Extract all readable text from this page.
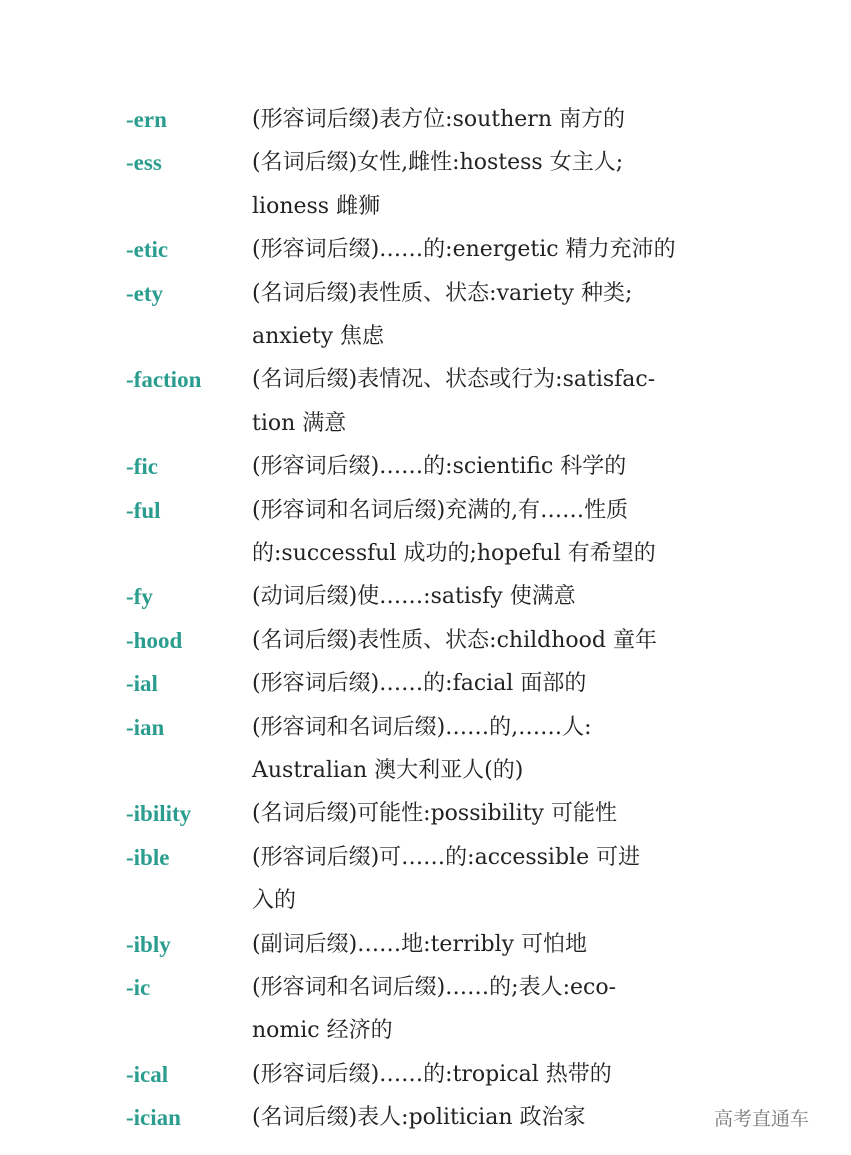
-ern	(形容词后缀)表方位:southern 南方的
-ess	(名词后缀)女性,雌性:hostess 女主人;
lioness 雌狮
-etic	(形容词后缀)……的:energetic 精力充沛的
-ety	(名词后缀)表性质、状态:variety 种类;
anxiety 焦虑
-faction	(名词后缀)表情况、状态或行为:satisfac-
tion 满意
-fic	(形容词后缀)……的:scientific 科学的
-ful	(形容词和名词后缀)充满的,有……性质
的:successful 成功的;hopeful 有希望的
-fy	(动词后缀)使……:satisfy 使满意
-hood	(名词后缀)表性质、状态:childhood 童年
-ial	(形容词后缀)……的:facial 面部的
-ian	(形容词和名词后缀)……的,……人:
Australian 澳大利亚人(的)
-ibility	(名词后缀)可能性:possibility 可能性
-ible	(形容词后缀)可……的:accessible 可进
入的
-ibly	(副词后缀)……地:terribly 可怕地
-ic	(形容词和名词后缀)……的;表人:eco-
nomic 经济的
-ical	(形容词后缀)……的:tropical 热带的
-ician	(名词后缀)表人:politician 政治家	高考直通车
